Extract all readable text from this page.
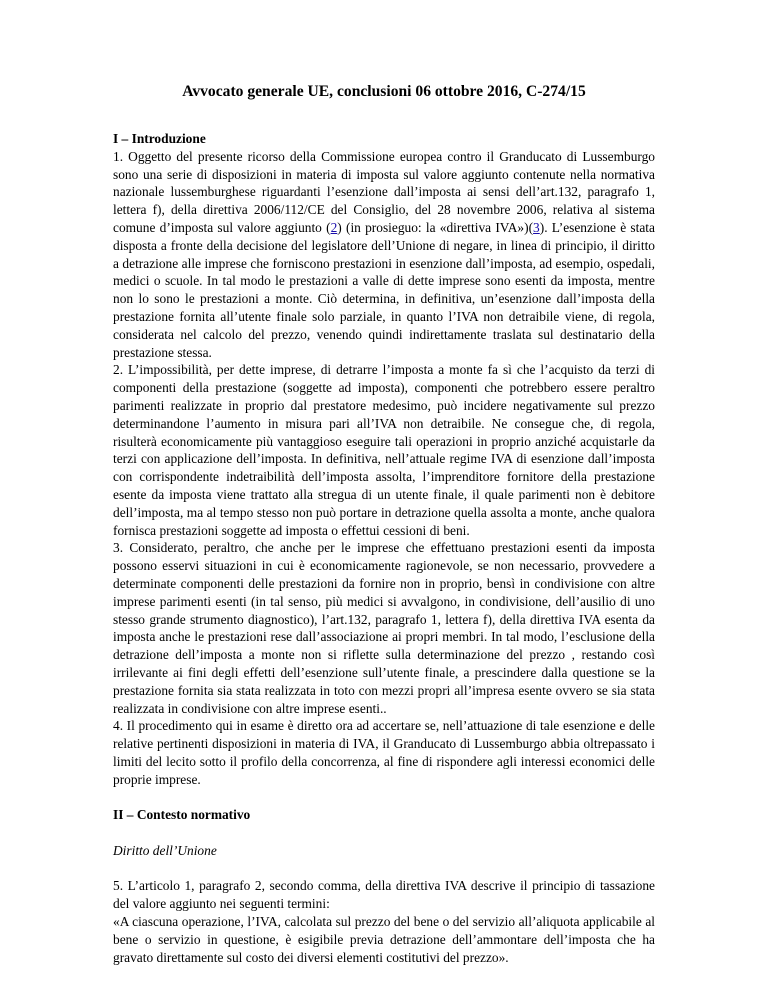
Avvocato generale UE, conclusioni 06 ottobre 2016, C-274/15

I – Introduzione

1. Oggetto del presente ricorso della Commissione europea contro il Granducato di Lussemburgo sono una serie di disposizioni in materia di imposta sul valore aggiunto contenute nella normativa nazionale lussemburghese riguardanti l’esenzione dall’imposta ai sensi dell’art.132, paragrafo 1, lettera f), della direttiva 2006/112/CE del Consiglio, del 28 novembre 2006, relativa al sistema comune d’imposta sul valore aggiunto (2) (in prosieguo: la «direttiva IVA»)(3). L’esenzione è stata disposta a fronte della decisione del legislatore dell’Unione di negare, in linea di principio, il diritto a detrazione alle imprese che forniscono prestazioni in esenzione dall’imposta, ad esempio, ospedali, medici o scuole. In tal modo le prestazioni a valle di dette imprese sono esenti da imposta, mentre non lo sono le prestazioni a monte. Ciò determina, in definitiva, un’esenzione dall’imposta della prestazione fornita all’utente finale solo parziale, in quanto l’IVA non detraibile viene, di regola, considerata nel calcolo del prezzo, venendo quindi indirettamente traslata sul destinatario della prestazione stessa.

2. L’impossibilità, per dette imprese, di detrarre l’imposta a monte fa sì che l’acquisto da terzi di componenti della prestazione (soggette ad imposta), componenti che potrebbero essere peraltro parimenti realizzate in proprio dal prestatore medesimo, può incidere negativamente sul prezzo determinandone l’aumento in misura pari all’IVA non detraibile. Ne consegue che, di regola, risulterà economicamente più vantaggioso eseguire tali operazioni in proprio anziché acquistarle da terzi con applicazione dell’imposta. In definitiva, nell’attuale regime IVA di esenzione dall’imposta con corrispondente indetraibilità dell’imposta assolta, l’imprenditore fornitore della prestazione esente da imposta viene trattato alla stregua di un utente finale, il quale parimenti non è debitore dell’imposta, ma al tempo stesso non può portare in detrazione quella assolta a monte, anche qualora fornisca prestazioni soggette ad imposta o effettui cessioni di beni.

3. Considerato, peraltro, che anche per le imprese che effettuano prestazioni esenti da imposta possono esservi situazioni in cui è economicamente ragionevole, se non necessario, provvedere a determinate componenti delle prestazioni da fornire non in proprio, bensì in condivisione con altre imprese parimenti esenti (in tal senso, più medici si avvalgono, in condivisione, dell’ausilio di uno stesso grande strumento diagnostico), l’art.132, paragrafo 1, lettera f), della direttiva IVA esenta da imposta anche le prestazioni rese dall’associazione ai propri membri. In tal modo, l’esclusione della detrazione dell’imposta a monte non si riflette sulla determinazione del prezzo , restando così irrilevante ai fini degli effetti dell’esenzione sull’utente finale, a prescindere dalla questione se la prestazione fornita sia stata realizzata in toto con mezzi propri all’impresa esente ovvero se sia stata realizzata in condivisione con altre imprese esenti..

4. Il procedimento qui in esame è diretto ora ad accertare se, nell’attuazione di tale esenzione e delle relative pertinenti disposizioni in materia di IVA, il Granducato di Lussemburgo abbia oltrepassato i limiti del lecito sotto il profilo della concorrenza, al fine di rispondere agli interessi economici delle proprie imprese.

II – Contesto normativo

Diritto dell’Unione

5. L’articolo 1, paragrafo 2, secondo comma, della direttiva IVA descrive il principio di tassazione del valore aggiunto nei seguenti termini:

«A ciascuna operazione, l’IVA, calcolata sul prezzo del bene o del servizio all’aliquota applicabile al bene o servizio in questione, è esigibile previa detrazione dell’ammontare dell’imposta che ha gravato direttamente sul costo dei diversi elementi costitutivi del prezzo».
